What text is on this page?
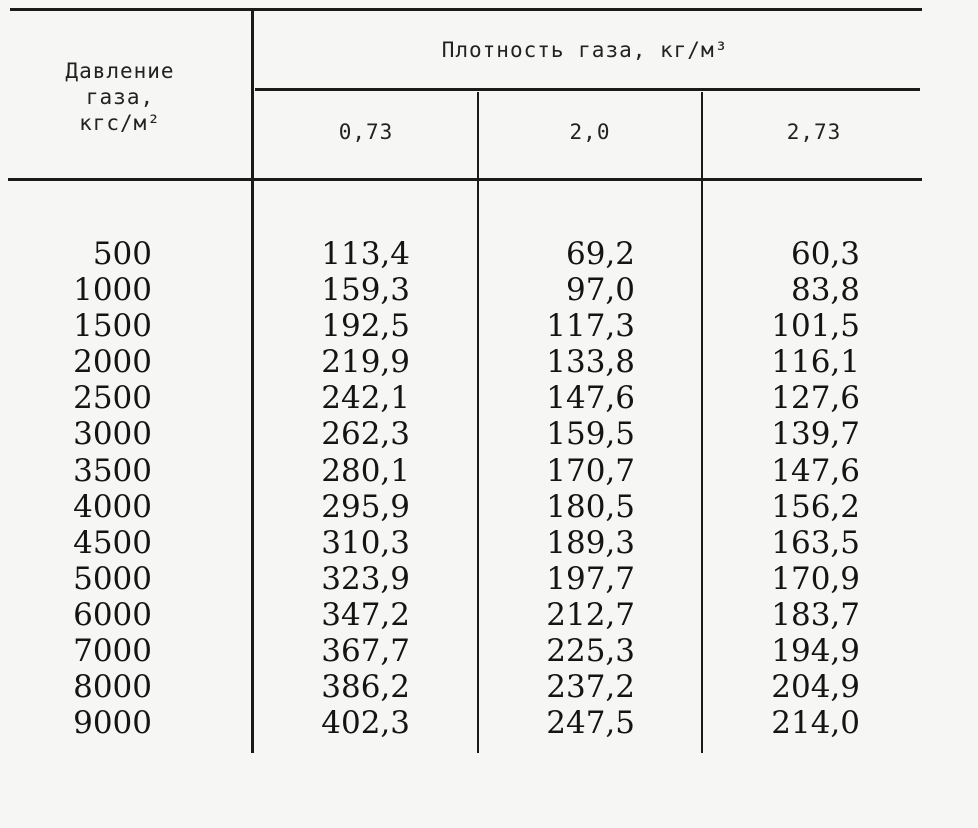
Давление
газа,
кгс/м²
Плотность газа, кг/м³
0,73	2,0	2,73
500
1000
1500
2000
2500
3000
3500
4000
4500
5000
6000
7000
8000
9000
113,4
159,3
192,5
219,9
242,1
262,3
280,1
295,9
310,3
323,9
347,2
367,7
386,2
402,3
69,2
97,0
117,3
133,8
147,6
159,5
170,7
180,5
189,3
197,7
212,7
225,3
237,2
247,5
60,3
83,8
101,5
116,1
127,6
139,7
147,6
156,2
163,5
170,9
183,7
194,9
204,9
214,0
